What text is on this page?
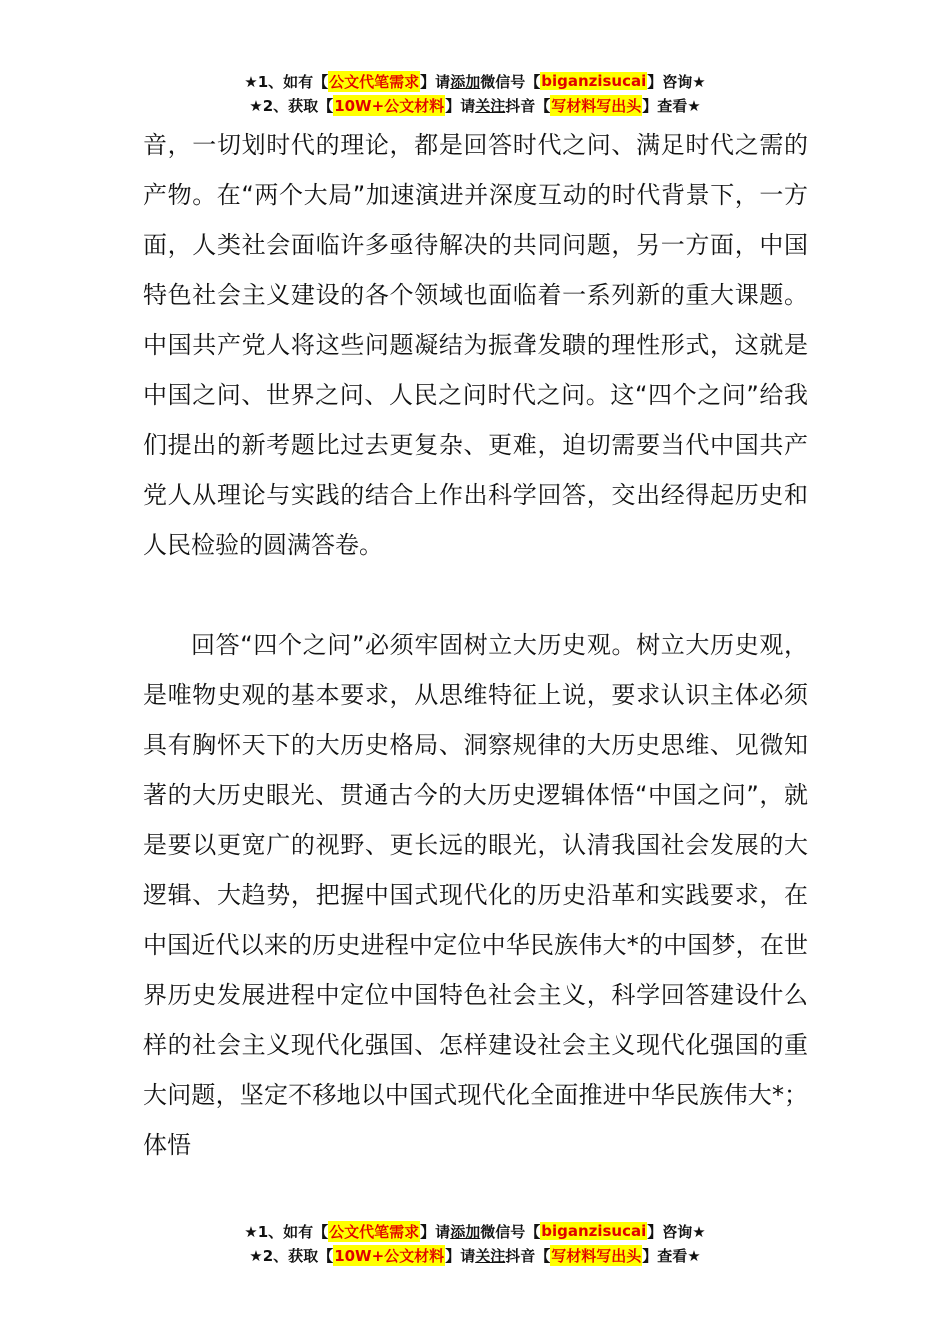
★1、如有【 公文代笔需求 】请 添加 微信号【 biganzisucai 】咨询★
★2、获取【 10W+公文材料 】请 关注 抖音【 写材料写出头 】查看★

音，一切划时代的理论，都是回答时代之问、满足时代之需的产物。在“两个大局”加速演进并深度互动的时代背景下，一方面，人类社会面临许多亟待解决的共同问题，另一方面，中国特色社会主义建设的各个领域也面临着一系列新的重大课题。中国共产党人将这些问题凝结为振聋发聩的理性形式，这就是中国之问、世界之问、人民之问时代之问。这“四个之问”给我们提出的新考题比过去更复杂、更难，迫切需要当代中国共产党人从理论与实践的结合上作出科学回答，交出经得起历史和人民检验的圆满答卷。

回答“四个之问”必须牢固树立大历史观。树立大历史观，是唯物史观的基本要求，从思维特征上说，要求认识主体必须具有胸怀天下的大历史格局、洞察规律的大历史思维、见微知著的大历史眼光、贯通古今的大历史逻辑体悟“中国之问”，就是要以更宽广的视野、更长远的眼光，认清我国社会发展的大逻辑、大趋势，把握中国式现代化的历史沿革和实践要求，在中国近代以来的历史进程中定位中华民族伟大*的中国梦，在世界历史发展进程中定位中国特色社会主义，科学回答建设什么样的社会主义现代化强国、怎样建设社会主义现代化强国的重大问题，坚定不移地以中国式现代化全面推进中华民族伟大*；体悟

★1、如有【 公文代笔需求 】请 添加 微信号【 biganzisucai 】咨询★
★2、获取【 10W+公文材料 】请 关注 抖音【 写材料写出头 】查看★
